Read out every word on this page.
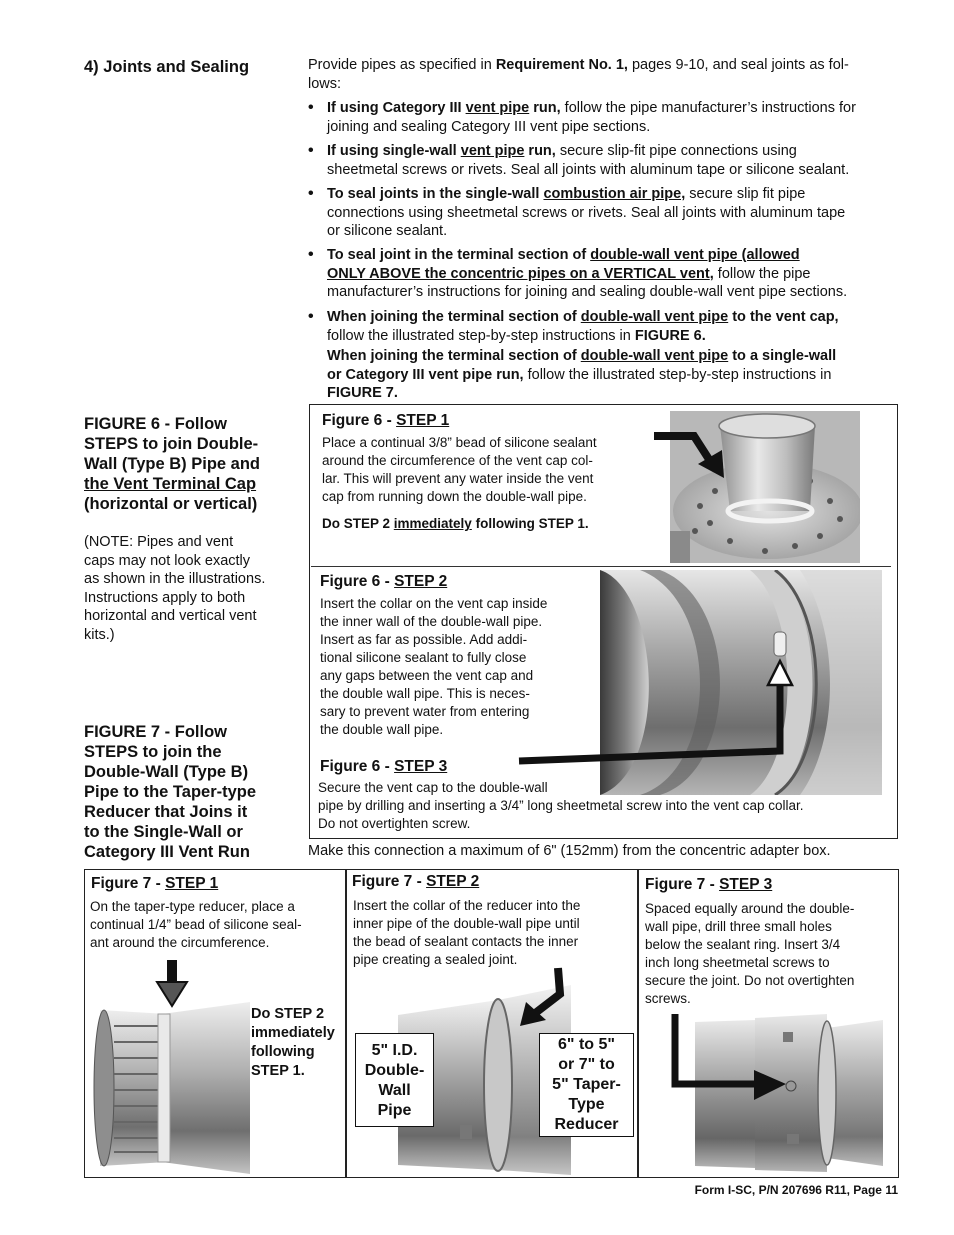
4) Joints and Sealing	Provide pipes as specified in Requirement No. 1, pages 9-10, and seal joints as fol-
lows:
• If using Category III vent pipe run, follow the pipe manufacturer’s instructions for
joining and sealing Category III vent pipe sections.
• If using single-wall vent pipe run, secure slip-fit pipe connections using
sheetmetal screws or rivets. Seal all joints with aluminum tape or silicone sealant.
• To seal joints in the single-wall combustion air pipe, secure slip fit pipe
connections using sheetmetal screws or rivets. Seal all joints with aluminum tape
or silicone sealant.
• To seal joint in the terminal section of double-wall vent pipe (allowed
ONLY ABOVE the concentric pipes on a VERTICAL vent, follow the pipe
manufacturer’s instructions for joining and sealing double-wall vent pipe sections.
• When joining the terminal section of double-wall vent pipe to the vent cap,
follow the illustrated step-by-step instructions in FIGURE 6.
When joining the terminal section of double-wall vent pipe to a single-wall
or Category III vent pipe run, follow the illustrated step-by-step instructions in
FIGURE 7.
FIGURE 6 - Follow
STEPS to join Double-
Wall (Type B) Pipe and
the Vent Terminal Cap
(horizontal or vertical)
(NOTE: Pipes and vent
caps may not look exactly
as shown in the illustrations.
Instructions apply to both
horizontal and vertical vent
kits.)
FIGURE 7 - Follow
STEPS to join the
Double-Wall (Type B)
Pipe to the Taper-type
Reducer that Joins it
to the Single-Wall or
Category III Vent Run
Figure 6 - STEP 1
Place a continual 3/8” bead of silicone sealant
around the circumference of the vent cap col-
lar. This will prevent any water inside the vent
cap from running down the double-wall pipe.
Do STEP 2 immediately following STEP 1.
Figure 6 - STEP 2
Insert the collar on the vent cap inside
the inner wall of the double-wall pipe.
Insert as far as possible. Add addi-
tional silicone sealant to fully close
any gaps between the vent cap and
the double wall pipe. This is neces-
sary to prevent water from entering
the double wall pipe.
Figure 6 - STEP 3
Secure the vent cap to the double-wall
pipe by drilling and inserting a 3/4” long sheetmetal screw into the vent cap collar.
Do not overtighten screw.
Make this connection a maximum of 6" (152mm) from the concentric adapter box.
Figure 7 - STEP 1
On the taper-type reducer, place a
continual 1/4” bead of silicone seal-
ant around the circumference.
Do STEP 2
immediately
following
STEP 1.
Figure 7 - STEP 2
Insert the collar of the reducer into the
inner pipe of the double-wall pipe until
the bead of sealant contacts the inner
pipe creating a sealed joint.
5" I.D.
Double-
Wall
Pipe
6" to 5"
or 7" to
5" Taper-
Type
Reducer
Figure 7 - STEP 3
Spaced equally around the double-
wall pipe, drill three small holes
below the sealant ring. Insert 3/4
inch long sheetmetal screws to
secure the joint. Do not overtighten
screws.
Form I-SC, P/N 207696 R11, Page 11
